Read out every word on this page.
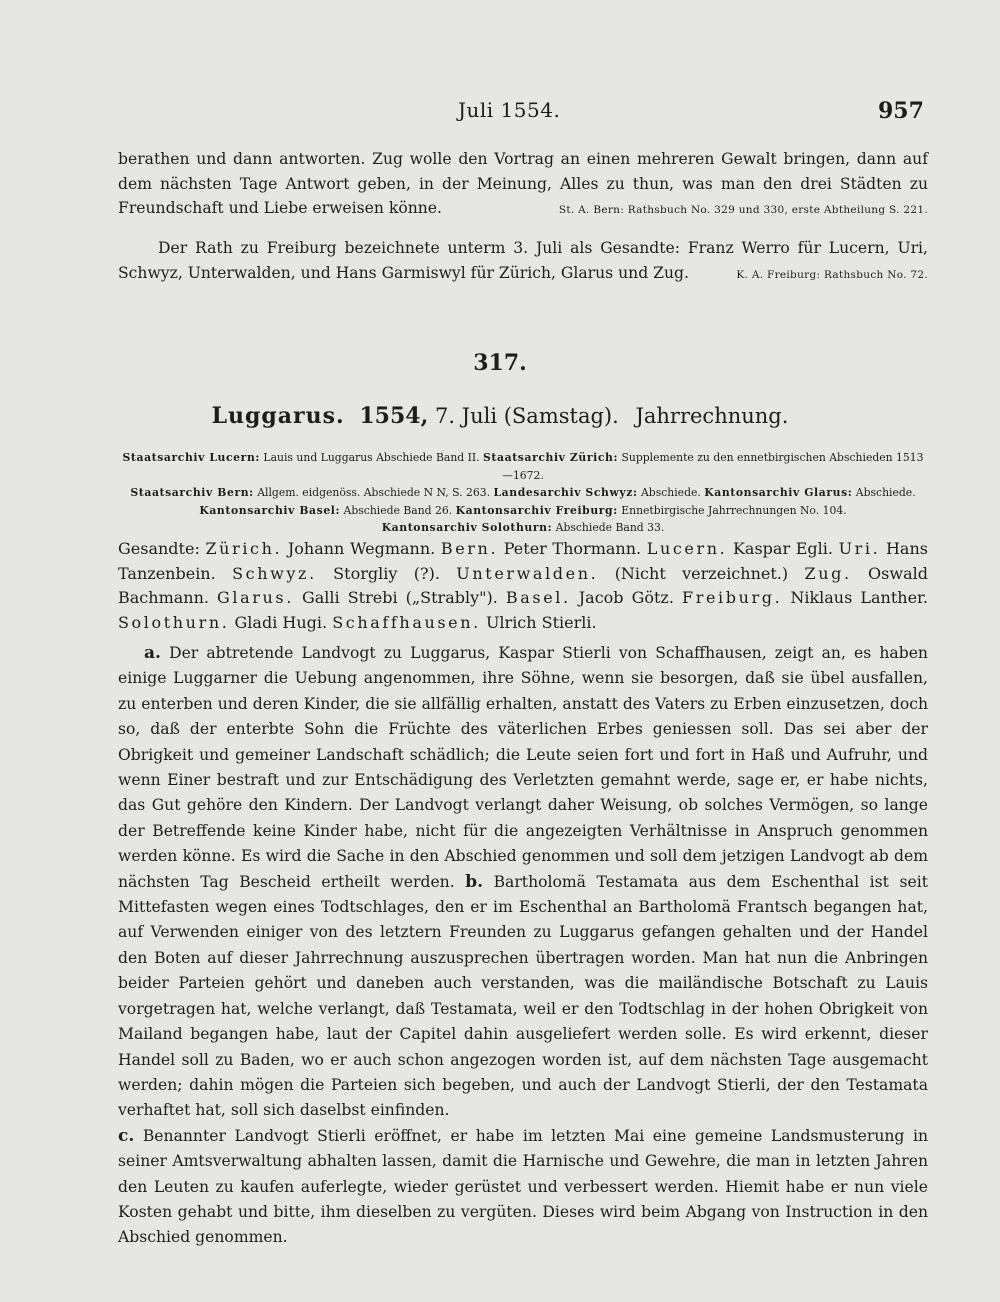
Juli 1554.	957
berathen und dann antworten. Zug wolle den Vortrag an einen mehreren Gewalt bringen, dann auf dem nächsten Tage Antwort geben, in der Meinung, Alles zu thun, was man den drei Städten zu Freundschaft und Liebe erweisen könne.	St. A. Bern: Rathsbuch No. 329 und 330, erste Abtheilung S. 221.
Der Rath zu Freiburg bezeichnete unterm 3. Juli als Gesandte: Franz Werro für Lucern, Uri, Schwyz, Unterwalden, und Hans Garmiswyl für Zürich, Glarus und Zug.	K. A. Freiburg: Rathsbuch No. 72.
317.
Luggarus. 1554, 7. Juli (Samstag). Jahrrechnung.
Staatsarchiv Lucern: Lauis und Luggarus Abschiede Band II. Staatsarchiv Zürich: Supplemente zu den ennetbirgischen Abschieden 1513—1672.
Staatsarchiv Bern: Allgem. eidgenöss. Abschiede N N, S. 263. Landesarchiv Schwyz: Abschiede. Kantonsarchiv Glarus: Abschiede.
Kantonsarchiv Basel: Abschiede Band 26. Kantonsarchiv Freiburg: Ennetbirgische Jahrrechnungen No. 104.
Kantonsarchiv Solothurn: Abschiede Band 33.
Gesandte: Zürich. Johann Wegmann. Bern. Peter Thormann. Lucern. Kaspar Egli. Uri. Hans Tanzenbein. Schwyz. Storgliy (?). Unterwalden. (Nicht verzeichnet.) Zug. Oswald Bachmann. Glarus. Galli Strebi („Strably"). Basel. Jacob Götz. Freiburg. Niklaus Lanther. Solothurn. Gladi Hugi. Schaffhausen. Ulrich Stierli.
a. Der abtretende Landvogt zu Luggarus, Kaspar Stierli von Schaffhausen, zeigt an, es haben einige Luggarner die Uebung angenommen, ihre Söhne, wenn sie besorgen, daß sie übel ausfallen, zu enterben und deren Kinder, die sie allfällig erhalten, anstatt des Vaters zu Erben einzusetzen, doch so, daß der enterbte Sohn die Früchte des väterlichen Erbes geniessen soll. Das sei aber der Obrigkeit und gemeiner Landschaft schädlich; die Leute seien fort und fort in Haß und Aufruhr, und wenn Einer bestraft und zur Entschädigung des Verletzten gemahnt werde, sage er, er habe nichts, das Gut gehöre den Kindern. Der Landvogt verlangt daher Weisung, ob solches Vermögen, so lange der Betreffende keine Kinder habe, nicht für die angezeigten Verhältnisse in Anspruch genommen werden könne. Es wird die Sache in den Abschied genommen und soll dem jetzigen Landvogt ab dem nächsten Tag Bescheid ertheilt werden. b. Bartholomä Testamata aus dem Eschenthal ist seit Mittefasten wegen eines Todtschlages, den er im Eschenthal an Bartholomä Frantsch begangen hat, auf Verwenden einiger von des letztern Freunden zu Luggarus gefangen gehalten und der Handel den Boten auf dieser Jahrrechnung auszusprechen übertragen worden. Man hat nun die Anbringen beider Parteien gehört und daneben auch verstanden, was die mailändische Botschaft zu Lauis vorgetragen hat, welche verlangt, daß Testamata, weil er den Todtschlag in der hohen Obrigkeit von Mailand begangen habe, laut der Capitel dahin ausgeliefert werden solle. Es wird erkennt, dieser Handel soll zu Baden, wo er auch schon angezogen worden ist, auf dem nächsten Tage ausgemacht werden; dahin mögen die Parteien sich begeben, und auch der Landvogt Stierli, der den Testamata verhaftet hat, soll sich daselbst einfinden.
c. Benannter Landvogt Stierli eröffnet, er habe im letzten Mai eine gemeine Landsmusterung in seiner Amtsverwaltung abhalten lassen, damit die Harnische und Gewehre, die man in letzten Jahren den Leuten zu kaufen auferlegte, wieder gerüstet und verbessert werden. Hiemit habe er nun viele Kosten gehabt und bitte, ihm dieselben zu vergüten. Dieses wird beim Abgang von Instruction in den Abschied genommen.
